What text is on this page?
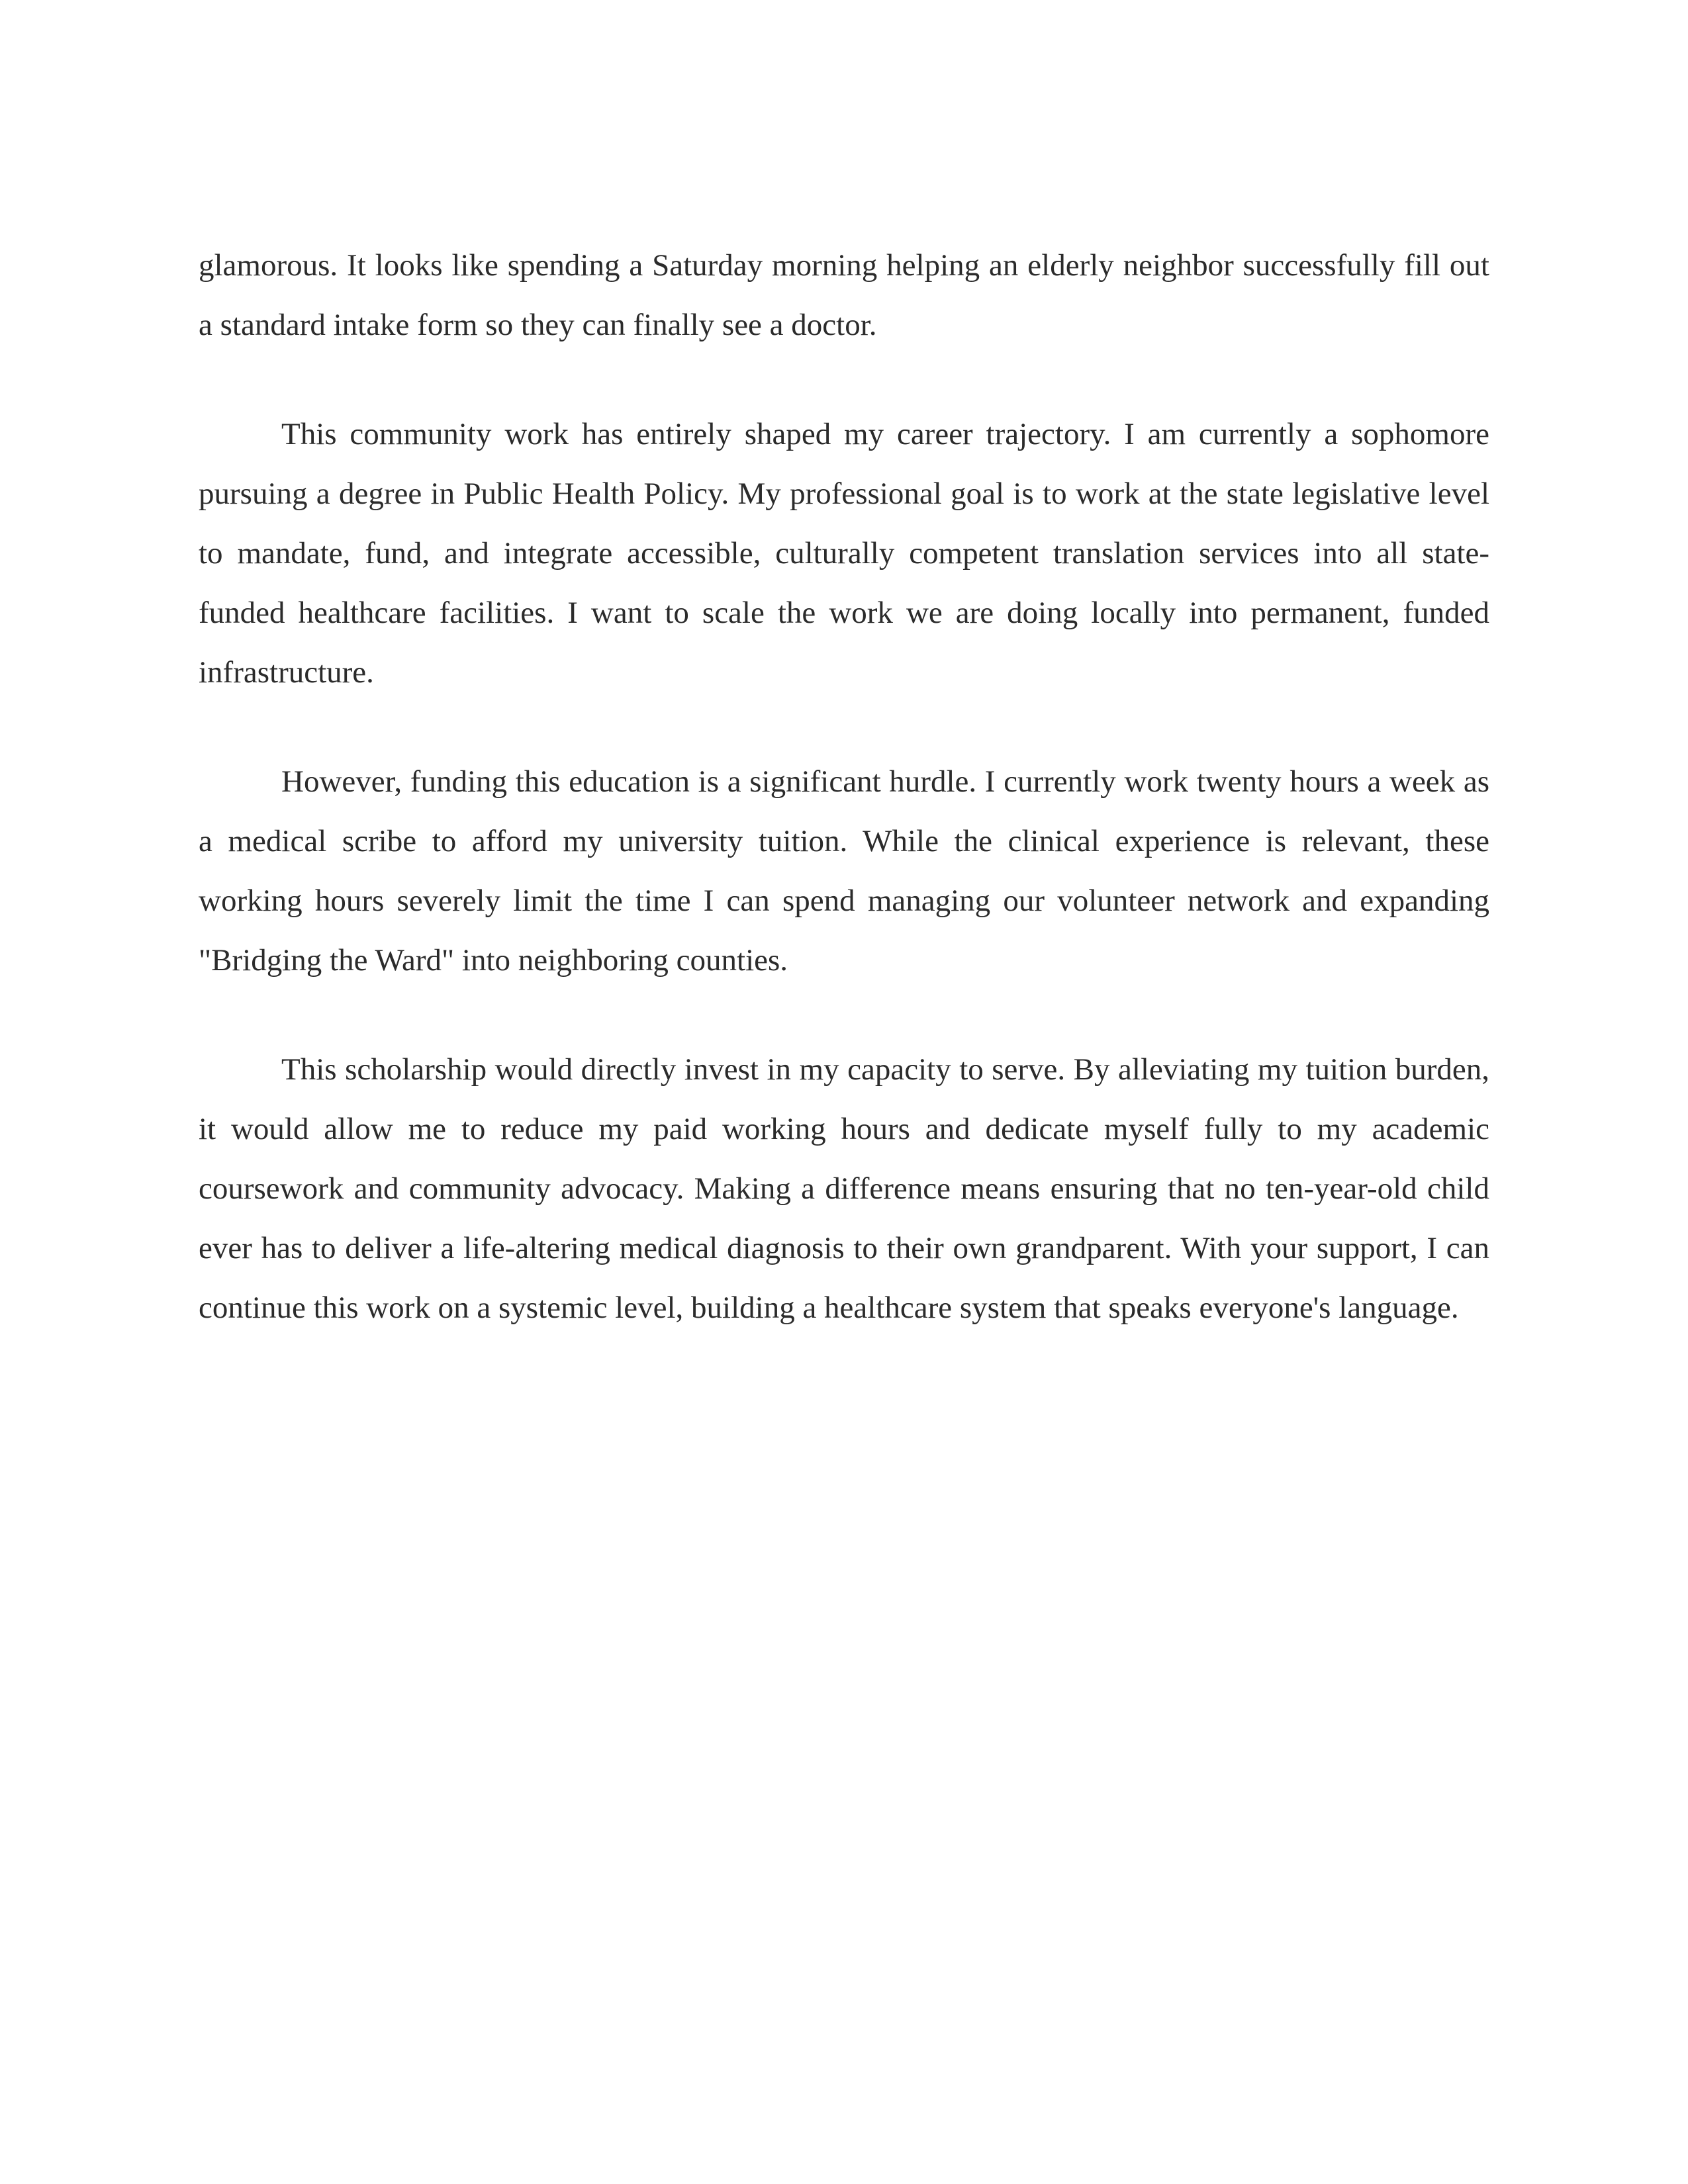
glamorous. It looks like spending a Saturday morning helping an elderly neighbor successfully fill out a standard intake form so they can finally see a doctor.

This community work has entirely shaped my career trajectory. I am currently a sophomore pursuing a degree in Public Health Policy. My professional goal is to work at the state legislative level to mandate, fund, and integrate accessible, culturally competent translation services into all state-funded healthcare facilities. I want to scale the work we are doing locally into permanent, funded infrastructure.

However, funding this education is a significant hurdle. I currently work twenty hours a week as a medical scribe to afford my university tuition. While the clinical experience is relevant, these working hours severely limit the time I can spend managing our volunteer network and expanding "Bridging the Ward" into neighboring counties.

This scholarship would directly invest in my capacity to serve. By alleviating my tuition burden, it would allow me to reduce my paid working hours and dedicate myself fully to my academic coursework and community advocacy. Making a difference means ensuring that no ten-year-old child ever has to deliver a life-altering medical diagnosis to their own grandparent. With your support, I can continue this work on a systemic level, building a healthcare system that speaks everyone's language.
